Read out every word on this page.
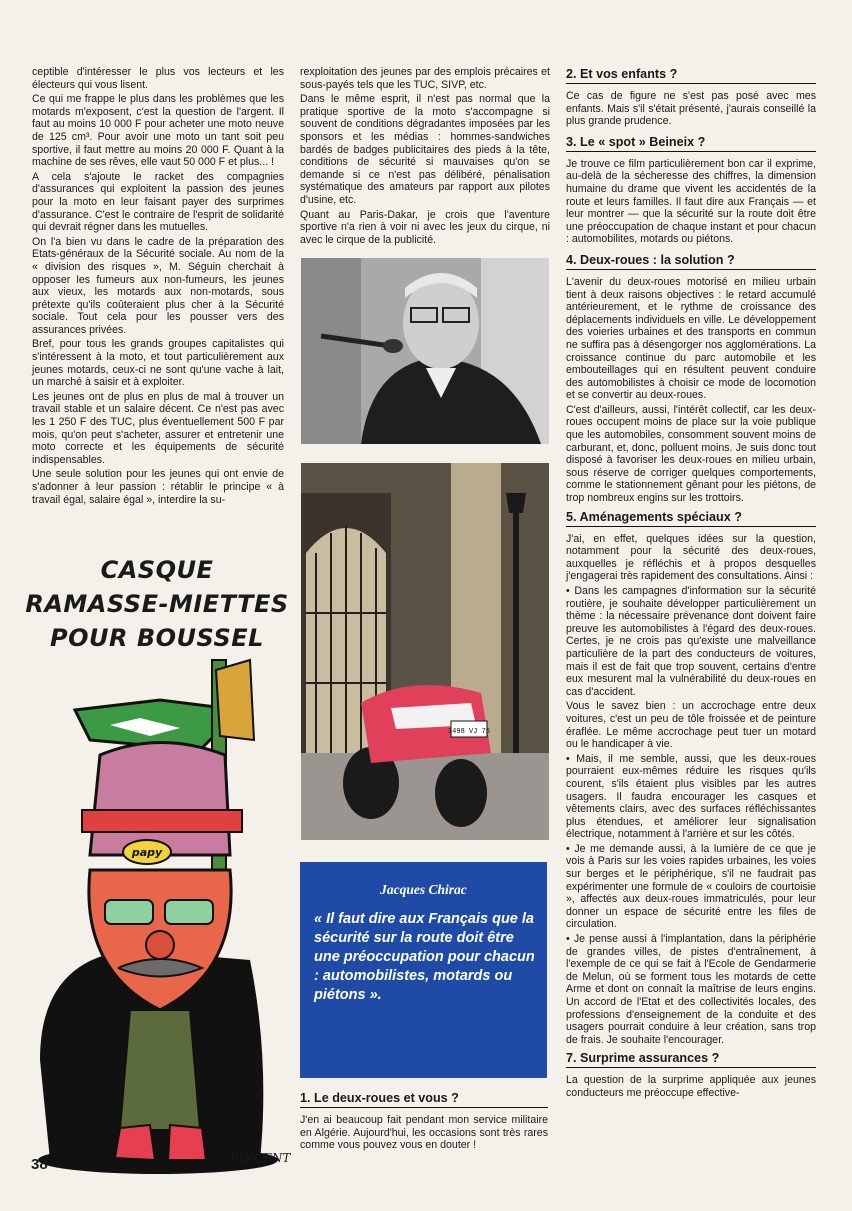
ceptible d'intéresser le plus vos lecteurs et les électeurs qui vous lisent.

Ce qui me frappe le plus dans les problèmes que les motards m'exposent, c'est la question de l'argent. Il faut au moins 10 000 F pour acheter une moto neuve de 125 cm³. Pour avoir une moto un tant soit peu sportive, il faut mettre au moins 20 000 F. Quant à la machine de ses rêves, elle vaut 50 000 F et plus... !

A cela s'ajoute le racket des compagnies d'assurances qui exploitent la passion des jeunes pour la moto en leur faisant payer des surprimes d'assurance. C'est le contraire de l'esprit de solidarité qui devrait régner dans les mutuelles.

On l'a bien vu dans le cadre de la préparation des Etats-généraux de la Sécurité sociale. Au nom de la « division des risques », M. Séguin cherchait à opposer les fumeurs aux non-fumeurs, les jeunes aux vieux, les motards aux non-motards, sous prétexte qu'ils coûteraient plus cher à la Sécurité sociale. Tout cela pour les pousser vers des assurances privées.

Bref, pour tous les grands groupes capitalistes qui s'intéressent à la moto, et tout particulièrement aux jeunes motards, ceux-ci ne sont qu'une vache à lait, un marché à saisir et à exploiter.

Les jeunes ont de plus en plus de mal à trouver un travail stable et un salaire décent. Ce n'est pas avec les 1 250 F des TUC, plus éventuellement 500 F par mois, qu'on peut s'acheter, assurer et entretenir une moto correcte et les équipements de sécurité indispensables.

Une seule solution pour les jeunes qui ont envie de s'adonner à leur passion : rétablir le principe « à travail égal, salaire égal », interdire la su-

CASQUE
RAMASSE-MIETTES
POUR BOUSSEL
papy
VINCENT
38

rexploitation des jeunes par des emplois précaires et sous-payés tels que les TUC, SIVP, etc.

Dans le même esprit, il n'est pas normal que la pratique sportive de la moto s'accompagne si souvent de conditions dégradantes imposées par les sponsors et les médias : hommes-sandwiches bardés de badges publicitaires des pieds à la tête, conditions de sécurité si mauvaises qu'on se demande si ce n'est pas délibéré, pénalisation systématique des amateurs par rapport aux pilotes d'usine, etc.

Quant au Paris-Dakar, je crois que l'aventure sportive n'a rien à voir ni avec les jeux du cirque, ni avec le cirque de la publicité.

3498 VJ 75
Jacques Chirac
« Il faut dire aux Français que la sécurité sur la route doit être une préoccupation pour chacun : automobilistes, motards ou piétons ».
1. Le deux-roues et vous ?

J'en ai beaucoup fait pendant mon service militaire en Algérie. Aujourd'hui, les occasions sont très rares comme vous pouvez vous en douter !

2. Et vos enfants ?

Ce cas de figure ne s'est pas posé avec mes enfants. Mais s'il s'était présenté, j'aurais conseillé la plus grande prudence.

3. Le « spot » Beineix ?

Je trouve ce film particulièrement bon car il exprime, au-delà de la sécheresse des chiffres, la dimension humaine du drame que vivent les accidentés de la route et leurs familles. Il faut dire aux Français — et leur montrer — que la sécurité sur la route doit être une préoccupation de chaque instant et pour chacun : automobilites, motards ou piétons.

4. Deux-roues : la solution ?

L'avenir du deux-roues motorisé en milieu urbain tient à deux raisons objectives : le retard accumulé antérieurement, et le rythme de croissance des déplacements individuels en ville. Le développement des voieries urbaines et des transports en commun ne suffira pas à désengorger nos agglomérations. La croissance continue du parc automobile et les embouteillages qui en résultent peuvent conduire des automobilistes à choisir ce mode de locomotion et se convertir au deux-roues.

C'est d'ailleurs, aussi, l'intérêt collectif, car les deux-roues occupent moins de place sur la voie publique que les automobiles, consomment souvent moins de carburant, et, donc, polluent moins. Je suis donc tout disposé à favoriser les deux-roues en milieu urbain, sous réserve de corriger quelques comportements, comme le stationnement gênant pour les piétons, de trop nombreux engins sur les trottoirs.

5. Aménagements spéciaux ?

J'ai, en effet, quelques idées sur la question, notamment pour la sécurité des deux-roues, auxquelles je réfléchis et à propos desquelles j'engagerai très rapidement des consultations. Ainsi :

• Dans les campagnes d'information sur la sécurité routière, je souhaite développer particulièrement un thème : la nécessaire prévenance dont doivent faire preuve les automobilistes à l'égard des deux-roues. Certes, je ne crois pas qu'existe une malveillance particulière de la part des conducteurs de voitures, mais il est de fait que trop souvent, certains d'entre eux mesurent mal la vulnérabilité du deux-roues en cas d'accident.

Vous le savez bien : un accrochage entre deux voitures, c'est un peu de tôle froissée et de peinture éraflée. Le même accrochage peut tuer un motard ou le handicaper à vie.

• Mais, il me semble, aussi, que les deux-roues pourraient eux-mêmes réduire les risques qu'ils courent, s'ils étaient plus visibles par les autres usagers. Il faudra encourager les casques et vêtements clairs, avec des surfaces réfléchissantes plus étendues, et améliorer leur signalisation électrique, notamment à l'arrière et sur les côtés.

• Je me demande aussi, à la lumière de ce que je vois à Paris sur les voies rapides urbaines, les voies sur berges et le périphérique, s'il ne faudrait pas expérimenter une formule de « couloirs de courtoisie », affectés aux deux-roues immatriculés, pour leur donner un espace de sécurité entre les files de circulation.

• Je pense aussi à l'implantation, dans la périphérie de grandes villes, de pistes d'entraînement, à l'exemple de ce qui se fait à l'Ecole de Gendarmerie de Melun, où se forment tous les motards de cette Arme et dont on connaît la maîtrise de leurs engins. Un accord de l'Etat et des collectivités locales, des professions d'enseignement de la conduite et des usagers pourrait conduire à leur création, sans trop de frais. Je souhaite l'encourager.

7. Surprime assurances ?

La question de la surprime appliquée aux jeunes conducteurs me préoccupe effective-
